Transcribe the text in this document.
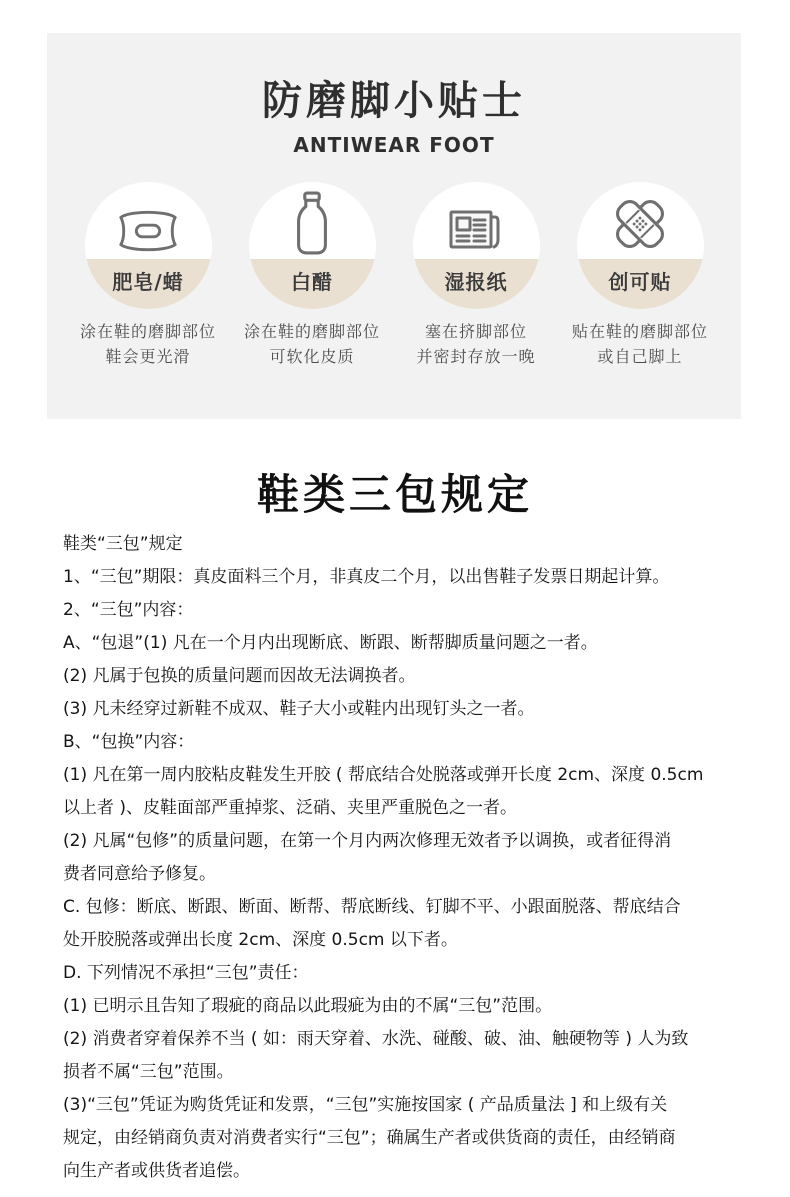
防磨脚小贴士
ANTIWEAR FOOT
肥皂/蜡
涂在鞋的磨脚部位
鞋会更光滑
白醋
涂在鞋的磨脚部位
可软化皮质
湿报纸
塞在挤脚部位
并密封存放一晚
创可贴
贴在鞋的磨脚部位
或自己脚上
鞋类三包规定
鞋类“三包”规定
1、“三包”期限：真皮面料三个月，非真皮二个月，以出售鞋子发票日期起计算。
2、“三包”内容：
A、“包退”(1) 凡在一个月内出现断底、断跟、断帮脚质量问题之一者。
(2) 凡属于包换的质量问题而因故无法调换者。
(3) 凡未经穿过新鞋不成双、鞋子大小或鞋内出现钉头之一者。
B、“包换”内容：
(1) 凡在第一周内胶粘皮鞋发生开胶 ( 帮底结合处脱落或弹开长度 2cm、深度 0.5cm
以上者 )、皮鞋面部严重掉浆、泛硝、夹里严重脱色之一者。
(2) 凡属“包修”的质量问题，在第一个月内两次修理无效者予以调换，或者征得消
费者同意给予修复。
C. 包修：断底、断跟、断面、断帮、帮底断线、钉脚不平、小跟面脱落、帮底结合
处开胶脱落或弹出长度 2cm、深度 0.5cm 以下者。
D. 下列情况不承担“三包”责任：
(1) 已明示且告知了瑕疵的商品以此瑕疵为由的不属“三包”范围。
(2) 消费者穿着保养不当 ( 如：雨天穿着、水洗、碰酸、破、油、触硬物等 ) 人为致
损者不属“三包”范围。
(3)“三包”凭证为购货凭证和发票，“三包”实施按国家 ( 产品质量法 ] 和上级有关
规定，由经销商负责对消费者实行“三包”；确属生产者或供货商的责任，由经销商
向生产者或供货者追偿。
